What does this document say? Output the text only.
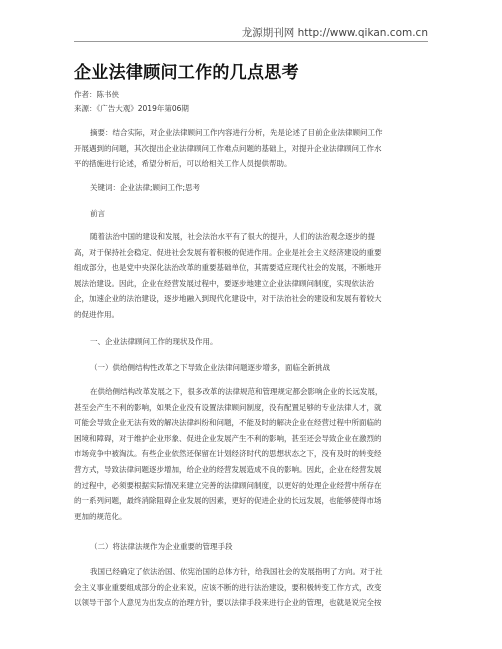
龙源期刊网 http://www.qikan.com.cn
企业法律顾问工作的几点思考
作者：陈书侠
来源：《广告大观》2019年第06期
摘要：结合实际，对企业法律顾问工作内容进行分析，先是论述了目前企业法律顾问工作
开展遇到的问题，其次提出企业法律顾问工作难点问题的基础上，对提升企业法律顾问工作水
平的措施进行论述，希望分析后，可以给相关工作人员提供帮助。
关键词：企业法律;顾问工作;思考
前言
随着法治中国的建设和发展，社会法治水平有了很大的提升，人们的法治观念逐步的提
高，对于保持社会稳定、促进社会发展有着积极的促进作用。企业是社会主义经济建设的重要
组成部分，也是党中央深化法治改革的重要基础单位，其需要适应现代社会的发展，不断地开
展法治建设。因此，企业在经营发展过程中，要逐步地建立企业法律顾问制度，实现依法治
企，加速企业的法治建设，逐步地融入到现代化建设中，对于法治社会的建设和发展有着较大
的促进作用。
一、企业法律顾问工作的现状及作用。
（一）供给侧结构性改革之下导致企业法律问题逐步增多，面临全新挑战
在供给侧结构改革发展之下，很多改革的法律规范和管理规定都会影响企业的长远发展，
甚至会产生不利的影响，如果企业没有设置法律顾问制度，没有配置足够的专业法律人才，就
可能会导致企业无法有效的解决法律纠纷和问题，不能及时的解决企业在经营过程中所面临的
困境和障碍，对于维护企业形象、促进企业发展产生不利的影响，甚至还会导致企业在激烈的
市场竞争中被淘汰。有些企业依然还保留在计划经济时代的思想状态之下，没有及时的转变经
营方式，导致法律问题逐步增加，给企业的经营发展造成不良的影响。因此，企业在经营发展
的过程中，必须要根据实际情况来建立完善的法律顾问制度，以更好的处理企业经营中所存在
的一系列问题，最终消除阻碍企业发展的因素，更好的促进企业的长远发展，也能够使得市场
更加的规范化。
（二）将法律法规作为企业重要的管理手段
我国已经确定了依法治国、依宪治国的总体方针，给我国社会的发展指明了方向。对于社
会主义事业重要组成部分的企业来说，应该不断的进行法治建设，要积极转变工作方式，改变
以领导干部个人意见为出发点的治理方针，要以法律手段来进行企业的管理，也就是说完全按
